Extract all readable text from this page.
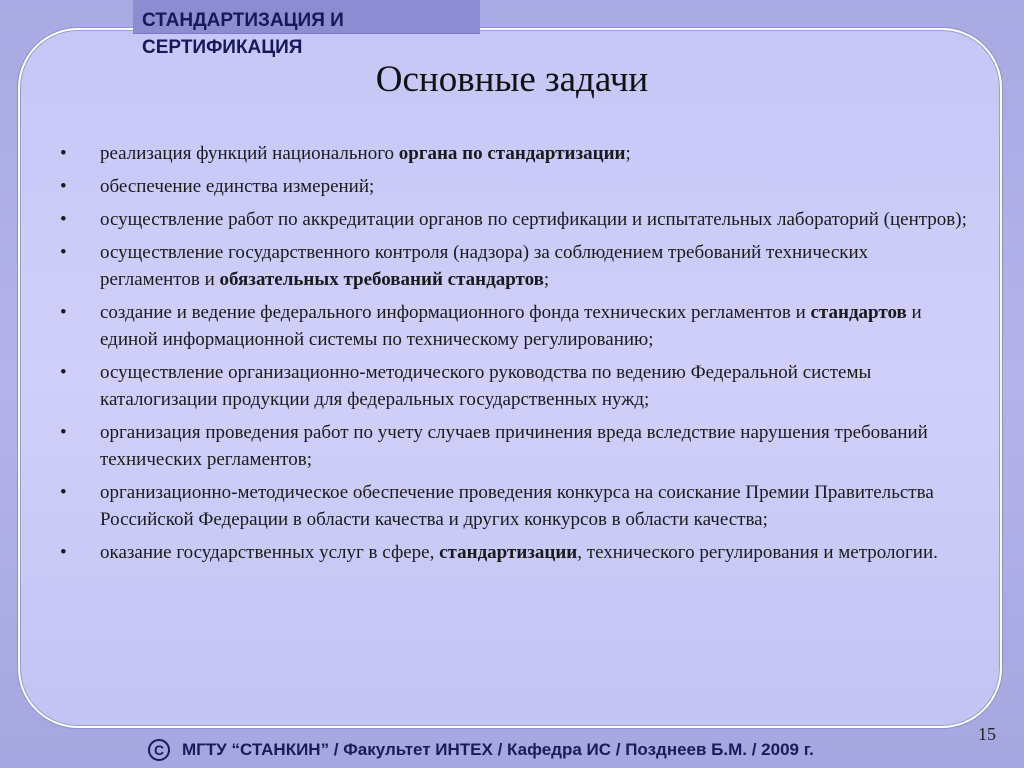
СТАНДАРТИЗАЦИЯ И
СЕРТИФИКАЦИЯ
Основные задачи
• реализация функций национального органа по стандартизации;
• обеспечение единства измерений;
• осуществление работ по аккредитации органов по сертификации и испытательных лабораторий (центров);
• осуществление государственного контроля (надзора) за соблюдением требований технических регламентов и обязательных требований стандартов;
• создание и ведение федерального информационного фонда технических регламентов и стандартов и единой информационной системы по техническому регулированию;
• осуществление организационно-методического руководства по ведению Федеральной системы каталогизации продукции для федеральных государственных нужд;
• организация проведения работ по учету случаев причинения вреда вследствие нарушения требований технических регламентов;
• организационно-методическое обеспечение проведения конкурса на соискание Премии Правительства Российской Федерации в области качества и других конкурсов в области качества;
• оказание государственных услуг в сфере, стандартизации, технического регулирования и метрологии.
15
C	МГТУ “СТАНКИН” / Факультет ИНТЕХ / Кафедра ИС / Позднеев Б.М. / 2009 г.
